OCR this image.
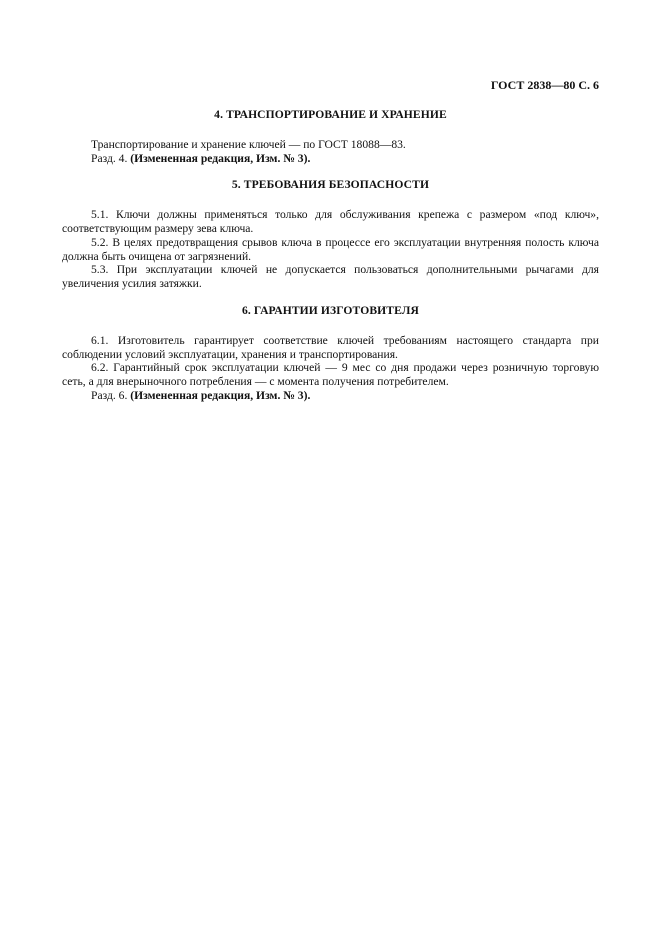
ГОСТ 2838—80 С. 6
4. ТРАНСПОРТИРОВАНИЕ И ХРАНЕНИЕ

Транспортирование и хранение ключей — по ГОСТ 18088—83.

Разд. 4. (Измененная редакция, Изм. № 3).

5. ТРЕБОВАНИЯ БЕЗОПАСНОСТИ

5.1. Ключи должны применяться только для обслуживания крепежа с размером «под ключ», соответствующим размеру зева ключа.

5.2. В целях предотвращения срывов ключа в процессе его эксплуатации внутренняя полость ключа должна быть очищена от загрязнений.

5.3. При эксплуатации ключей не допускается пользоваться дополнительными рычагами для увеличения усилия затяжки.

6. ГАРАНТИИ ИЗГОТОВИТЕЛЯ

6.1. Изготовитель гарантирует соответствие ключей требованиям настоящего стандарта при соблюдении условий эксплуатации, хранения и транспортирования.

6.2. Гарантийный срок эксплуатации ключей — 9 мес со дня продажи через розничную торговую сеть, а для внерыночного потребления — с момента получения потребителем.

Разд. 6. (Измененная редакция, Изм. № 3).
